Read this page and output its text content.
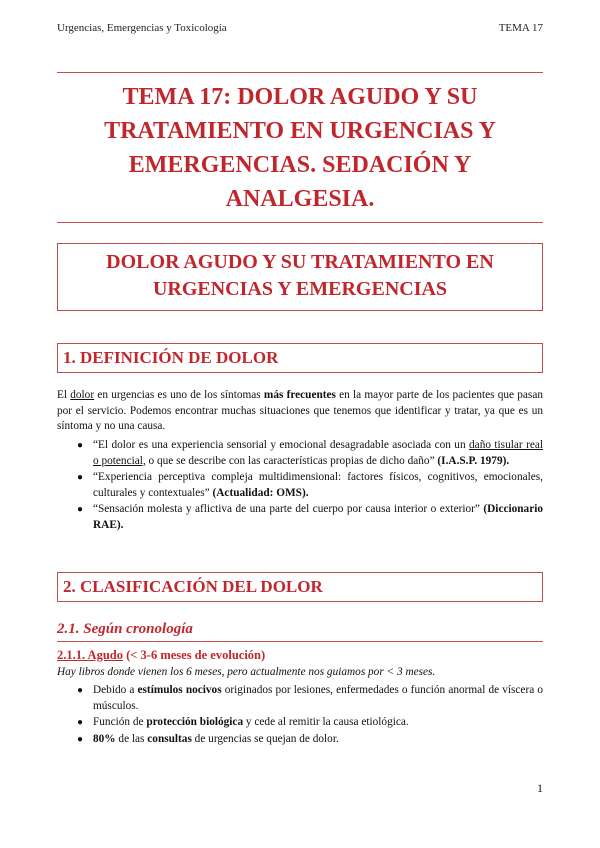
Urgencias, Emergencias y Toxicología	TEMA 17
TEMA 17: DOLOR AGUDO Y SU
TRATAMIENTO EN URGENCIAS Y
EMERGENCIAS. SEDACIÓN Y
ANALGESIA.
DOLOR AGUDO Y SU TRATAMIENTO EN
URGENCIAS Y EMERGENCIAS
1. DEFINICIÓN DE DOLOR

El dolor en urgencias es uno de los síntomas más frecuentes en la mayor parte de los pacientes que pasan por el servicio. Podemos encontrar muchas situaciones que tenemos que identificar y tratar, ya que es un síntoma y no una causa.

● “El dolor es una experiencia sensorial y emocional desagradable asociada con un daño tisular real o potencial, o que se describe con las características propias de dicho daño” (I.A.S.P. 1979).
● “Experiencia perceptiva compleja multidimensional: factores físicos, cognitivos, emocionales, culturales y contextuales” (Actualidad: OMS).
● “Sensación molesta y aflictiva de una parte del cuerpo por causa interior o exterior” (Diccionario RAE).
2. CLASIFICACIÓN DEL DOLOR
2.1. Según cronología
2.1.1. Agudo (< 3-6 meses de evolución)

Hay libros donde vienen los 6 meses, pero actualmente nos guiamos por < 3 meses.

● Debido a estímulos nocivos originados por lesiones, enfermedades o función anormal de víscera o músculos.
● Función de protección biológica y cede al remitir la causa etiológica.
● 80% de las consultas de urgencias se quejan de dolor.
1
